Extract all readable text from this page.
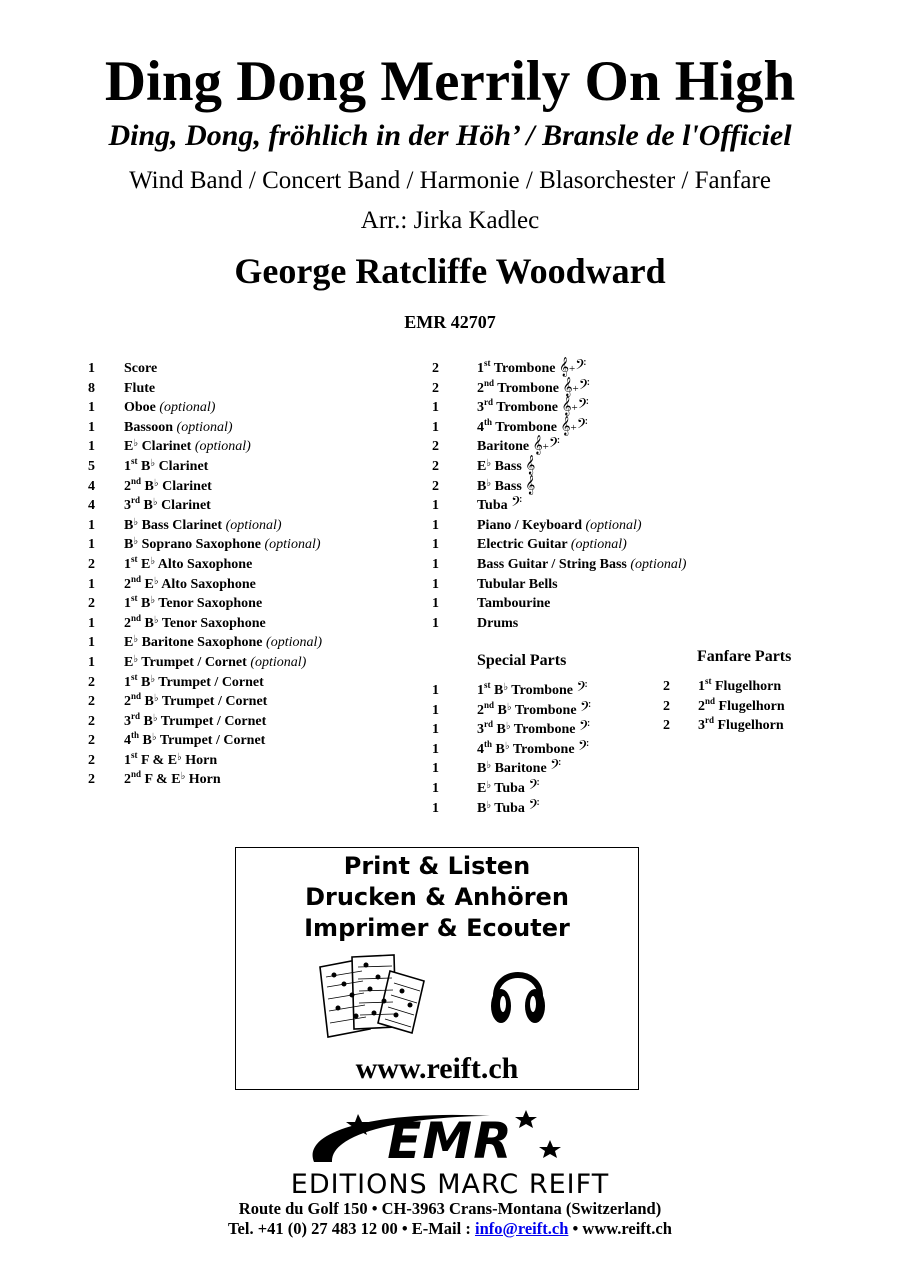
Ding Dong Merrily On High
Ding, Dong, fröhlich in der Höh’ / Bransle de l'Officiel
Wind Band / Concert Band / Harmonie / Blasorchester / Fanfare
Arr.: Jirka Kadlec
George Ratcliffe Woodward
EMR 42707
1 Score
8 Flute
1 Oboe (optional)
1 Bassoon (optional)
1 E♭ Clarinet (optional)
5 1st B♭ Clarinet
4 2nd B♭ Clarinet
4 3rd B♭ Clarinet
1 B♭ Bass Clarinet (optional)
1 B♭ Soprano Saxophone (optional)
2 1st E♭ Alto Saxophone
1 2nd E♭ Alto Saxophone
2 1st B♭ Tenor Saxophone
1 2nd B♭ Tenor Saxophone
1 E♭ Baritone Saxophone (optional)
1 E♭ Trumpet / Cornet (optional)
2 1st B♭ Trumpet / Cornet
2 2nd B♭ Trumpet / Cornet
2 3rd B♭ Trumpet / Cornet
2 4th B♭ Trumpet / Cornet
2 1st F & E♭ Horn
2 2nd F & E♭ Horn
2	1st Trombone 𝄞+𝄢
2	2nd Trombone 𝄞+𝄢
1	3rd Trombone 𝄞+𝄢
1	4th Trombone 𝄞+𝄢
2	Baritone 𝄞+𝄢
2	E♭ Bass 𝄞
2	B♭ Bass 𝄞
1	Tuba 𝄢
1	Piano / Keyboard (optional)
1	Electric Guitar (optional)
1	Bass Guitar / String Bass (optional)
1	Tubular Bells
1	Tambourine
1	Drums
Special Parts
1	1st B♭ Trombone 𝄢
1	2nd B♭ Trombone 𝄢
1	3rd B♭ Trombone 𝄢
1	4th B♭ Trombone 𝄢
1	B♭ Baritone 𝄢
1	E♭ Tuba 𝄢
1	B♭ Tuba 𝄢
Fanfare Parts
2 1st Flugelhorn
2 2nd Flugelhorn
2 3rd Flugelhorn
Print & Listen
Drucken & Anhören
Imprimer & Ecouter
www.reift.ch
EMR
EDITIONS MARC REIFT
Route du Golf 150 • CH-3963 Crans-Montana (Switzerland)
Tel. +41 (0) 27 483 12 00 • E-Mail : info@reift.ch • www.reift.ch
